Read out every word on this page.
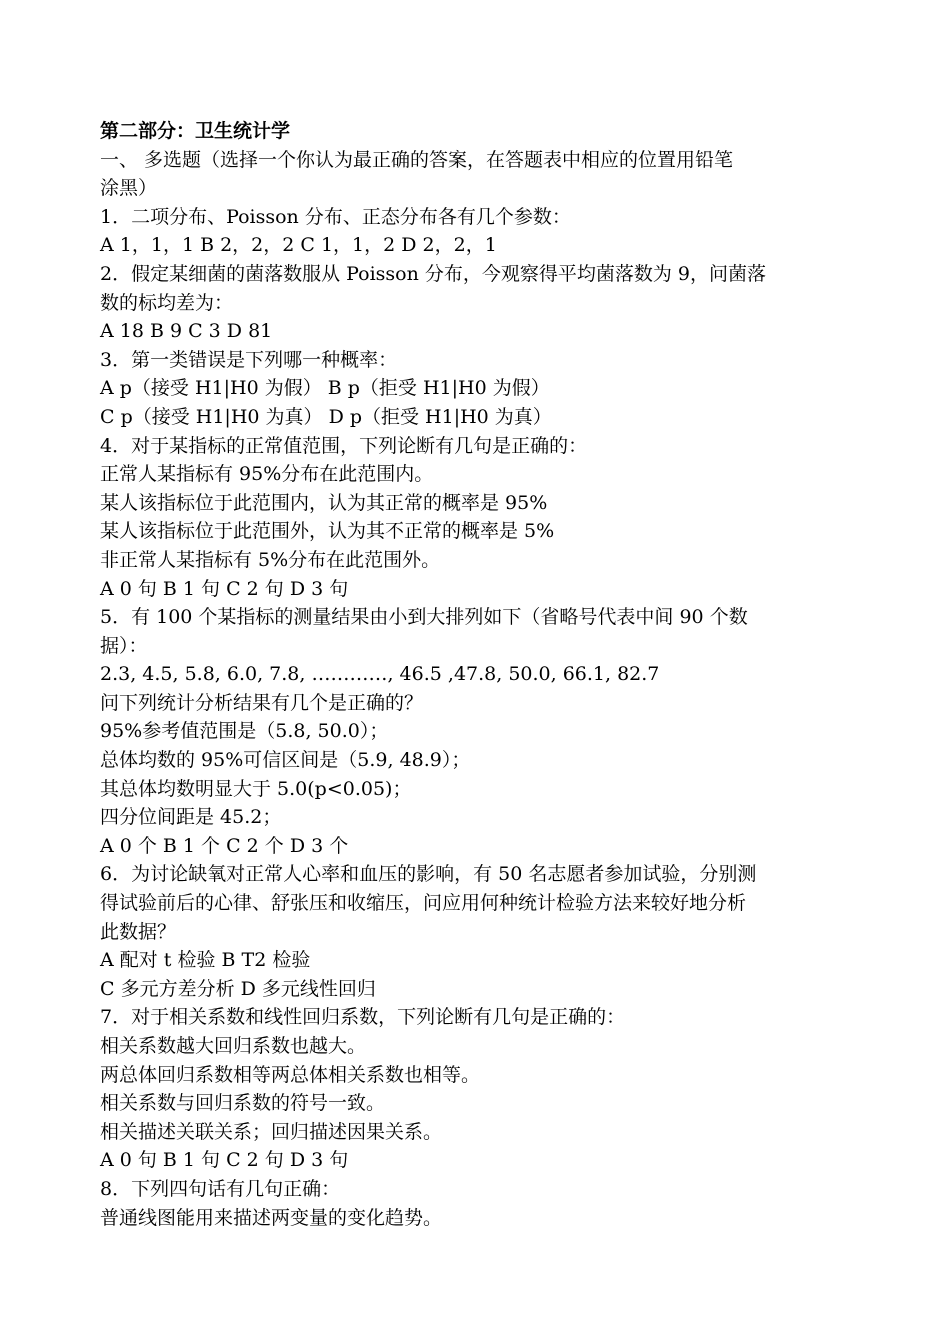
第二部分：卫生统计学
一、 多选题（选择一个你认为最正确的答案，在答题表中相应的位置用铅笔
涂黑）
1．二项分布、Poisson 分布、正态分布各有几个参数：
A 1，1，1 B 2，2，2 C 1，1，2 D 2，2，1
2．假定某细菌的菌落数服从 Poisson 分布，今观察得平均菌落数为 9，问菌落
数的标均差为：
A 18 B 9 C 3 D 81
3．第一类错误是下列哪一种概率：
A p（接受 H1|H0 为假） B p（拒受 H1|H0 为假）
C p（接受 H1|H0 为真） D p（拒受 H1|H0 为真）
4．对于某指标的正常值范围，下列论断有几句是正确的：
正常人某指标有 95%分布在此范围内。
某人该指标位于此范围内，认为其正常的概率是 95%
某人该指标位于此范围外，认为其不正常的概率是 5%
非正常人某指标有 5%分布在此范围外。
A 0 句 B 1 句 C 2 句 D 3 句
5．有 100 个某指标的测量结果由小到大排列如下（省略号代表中间 90 个数
据）：
2.3, 4.5, 5.8, 6.0, 7.8, …………, 46.5 ,47.8, 50.0, 66.1, 82.7
问下列统计分析结果有几个是正确的？
95%参考值范围是（5.8, 50.0）；
总体均数的 95%可信区间是（5.9, 48.9）；
其总体均数明显大于 5.0(p<0.05)；
四分位间距是 45.2；
A 0 个 B 1 个 C 2 个 D 3 个
6．为讨论缺氧对正常人心率和血压的影响，有 50 名志愿者参加试验，分别测
得试验前后的心律、舒张压和收缩压，问应用何种统计检验方法来较好地分析
此数据？
A 配对 t 检验 B T2 检验
C 多元方差分析 D 多元线性回归
7．对于相关系数和线性回归系数，下列论断有几句是正确的：
相关系数越大回归系数也越大。
两总体回归系数相等两总体相关系数也相等。
相关系数与回归系数的符号一致。
相关描述关联关系；回归描述因果关系。
A 0 句 B 1 句 C 2 句 D 3 句
8．下列四句话有几句正确：
普通线图能用来描述两变量的变化趋势。
